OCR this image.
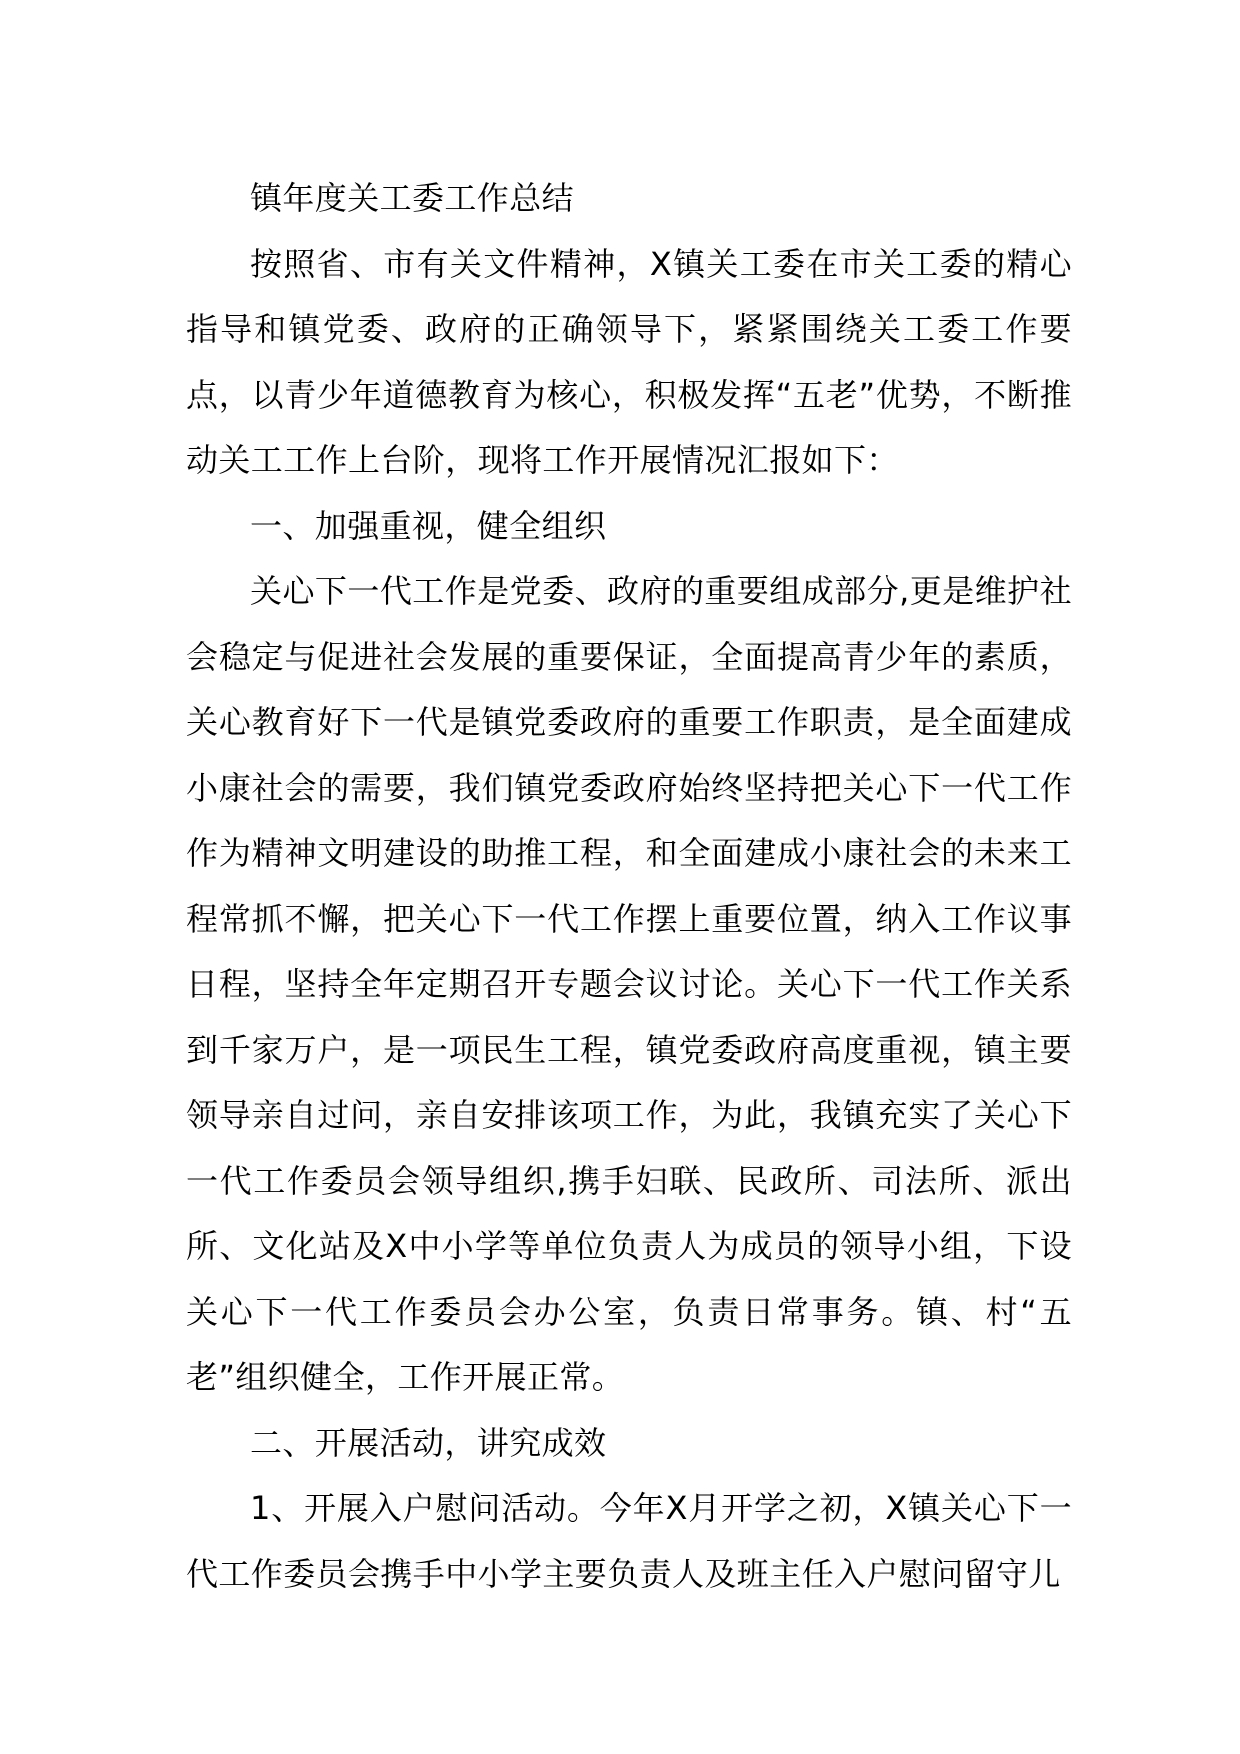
镇年度关工委工作总结

按照省、市有关文件精神，X镇关工委在市关工委的精心指导和镇党委、政府的正确领导下，紧紧围绕关工委工作要点，以青少年道德教育为核心，积极发挥“五老”优势，不断推动关工工作上台阶，现将工作开展情况汇报如下：

一、加强重视，健全组织

关心下一代工作是党委、政府的重要组成部分,更是维护社会稳定与促进社会发展的重要保证，全面提高青少年的素质，关心教育好下一代是镇党委政府的重要工作职责，是全面建成小康社会的需要，我们镇党委政府始终坚持把关心下一代工作作为精神文明建设的助推工程，和全面建成小康社会的未来工程常抓不懈，把关心下一代工作摆上重要位置，纳入工作议事日程，坚持全年定期召开专题会议讨论。关心下一代工作关系到千家万户，是一项民生工程，镇党委政府高度重视，镇主要领导亲自过问，亲自安排该项工作，为此，我镇充实了关心下一代工作委员会领导组织,携手妇联、民政所、司法所、派出所、文化站及X中小学等单位负责人为成员的领导小组，下设关心下一代工作委员会办公室，负责日常事务。镇、村“五老”组织健全，工作开展正常。

二、开展活动，讲究成效

1、开展入户慰问活动。今年X月开学之初，X镇关心下一代工作委员会携手中小学主要负责人及班主任入户慰问留守儿
